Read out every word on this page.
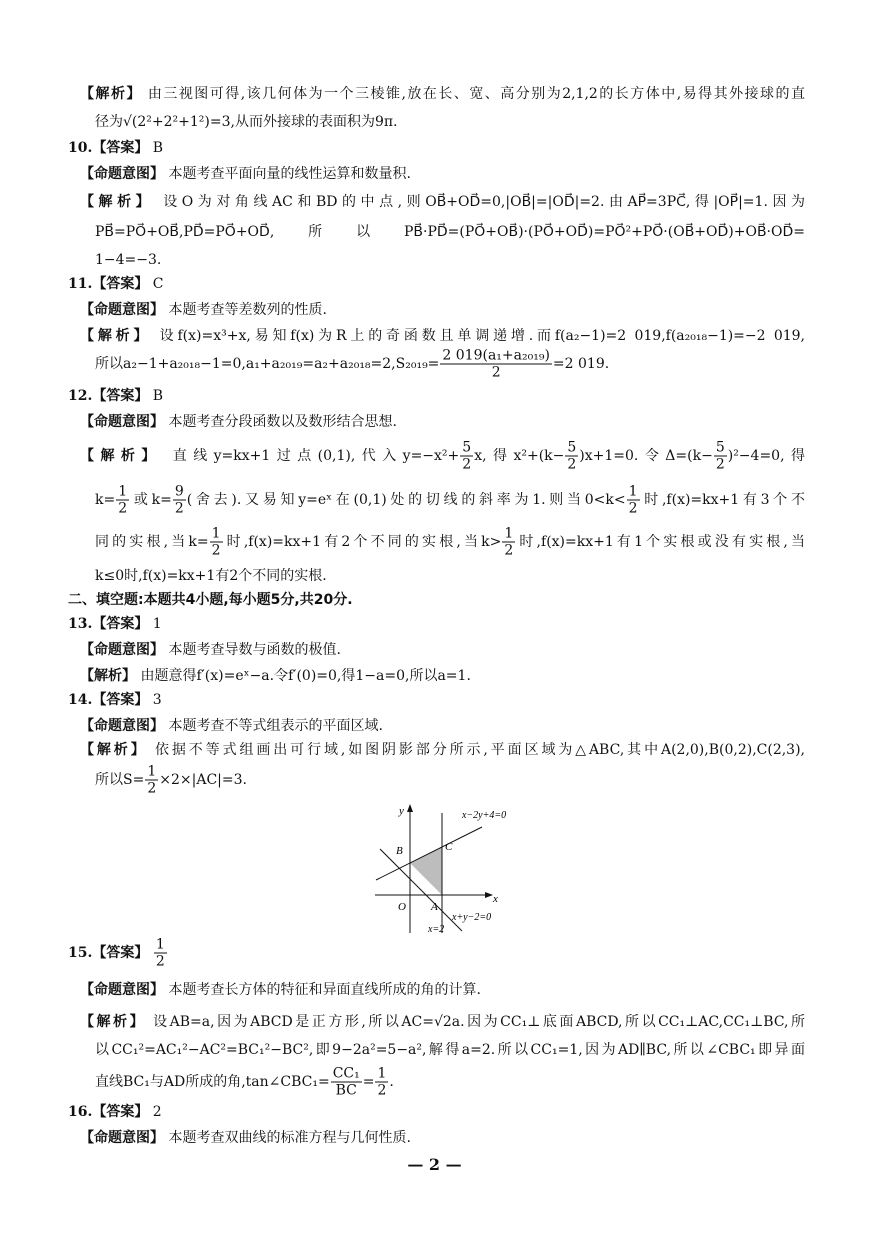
【解析】 由三视图可得,该几何体为一个三棱锥,放在长、宽、高分别为2,1,2的长方体中,易得其外接球的直
径为√(2²+2²+1²)=3,从而外接球的表面积为9π.
10.【答案】 B
【命题意图】 本题考查平面向量的线性运算和数量积.
【解析】 设O为对角线AC和BD的中点,则OB⃗+OD⃗=0,|OB⃗|=|OD⃗|=2.由AP⃗=3PC⃗,得|OP⃗|=1.因为
PB⃗=PO⃗+OB⃗,PD⃗=PO⃗+OD⃗,所以PB⃗·PD⃗=(PO⃗+OB⃗)·(PO⃗+OD⃗)=PO⃗²+PO⃗·(OB⃗+OD⃗)+OB⃗·OD⃗=
1−4=−3.
11.【答案】 C
【命题意图】 本题考查等差数列的性质.
【解析】 设f(x)=x³+x,易知f(x)为R上的奇函数且单调递增.而f(a₂−1)=2 019,f(a₂₀₁₈−1)=−2 019,
所以$a_2-1+a_{2018}-1=0,a_1+a_{2019}=a_2+a_{2018}=2,S_{2019}= \frac{\text{2 019(a₁+a₂₀₁₉)}}{2} =2$ 019.
12.【答案】 B
【命题意图】 本题考查分段函数以及数形结合思想.
【解析】 直线y=kx+1过点(0,1),代入$y=-x^2+ \frac{5}{2} x$,得$x^2+(k- \frac{5}{2} )x+1=0$.令$\Delta=(k- \frac{5}{2} )^2-4=0$,得
$k= \frac{1}{2}$ 或$k= \frac{9}{2}$ (舍去).又易知y=eˣ在(0,1)处的切线的斜率为1.则当$0<k< \frac{1}{2}$ 时,f(x)=kx+1有3个不
同的实根,当$k= \frac{1}{2}$ 时,f(x)=kx+1有2个不同的实根,当$k> \frac{1}{2}$ 时,f(x)=kx+1有1个实根或没有实根,当
k≤0时,f(x)=kx+1有2个不同的实根.
二、填空题:本题共4小题,每小题5分,共20分.
13.【答案】 1
【命题意图】 本题考查导数与函数的极值.
【解析】 由题意得f′(x)=eˣ−a.令f′(0)=0,得1−a=0,所以a=1.
14.【答案】 3
【命题意图】 本题考查不等式组表示的平面区域.
【解析】 依据不等式组画出可行域,如图阴影部分所示,平面区域为△ABC,其中A(2,0),B(0,2),C(2,3),
所以$S= \frac{1}{2} \times 2\times|AC|=3$.
15.【答案】 $\frac{1}{2}$
【命题意图】 本题考查长方体的特征和异面直线所成的角的计算.
【解析】 设AB=a,因为ABCD是正方形,所以AC=√2a.因为CC₁⊥底面ABCD,所以CC₁⊥AC,CC₁⊥BC,所
以CC₁²=AC₁²−AC²=BC₁²−BC²,即9−2a²=5−a²,解得a=2.所以CC₁=1,因为AD∥BC,所以∠CBC₁即异面
直线BC₁与AD所成的角,tan∠CBC₁= $\frac{\text{CC₁}}{BC} = \frac{1}{2}$ .
16.【答案】 2
【命题意图】 本题考查双曲线的标准方程与几何性质.
y
x
O A
B	C
x−2y+4=0
x+y−2=0
x=2
— 2 —
